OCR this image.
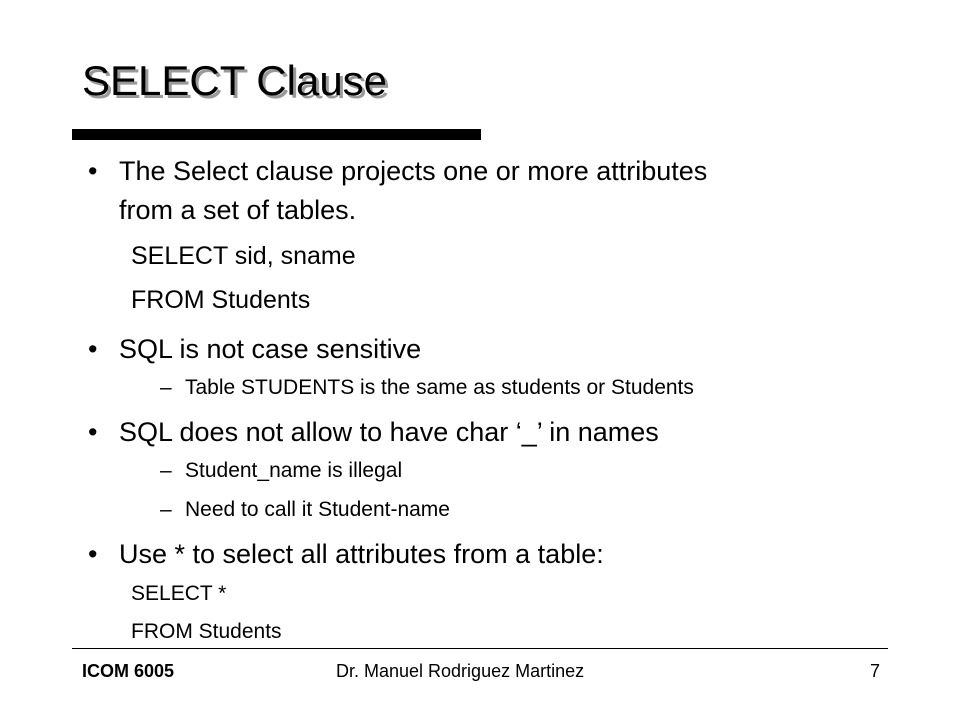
SELECT Clause
• The Select clause projects one or more attributes
from a set of tables.
SELECT sid, sname
FROM Students
• SQL is not case sensitive
– Table STUDENTS is the same as students or Students
• SQL does not allow to have char ‘_’ in names
– Student_name is illegal
– Need to call it Student-name
• Use * to select all attributes from a table:
SELECT *
FROM Students
ICOM 6005	Dr. Manuel Rodriguez Martinez	7
